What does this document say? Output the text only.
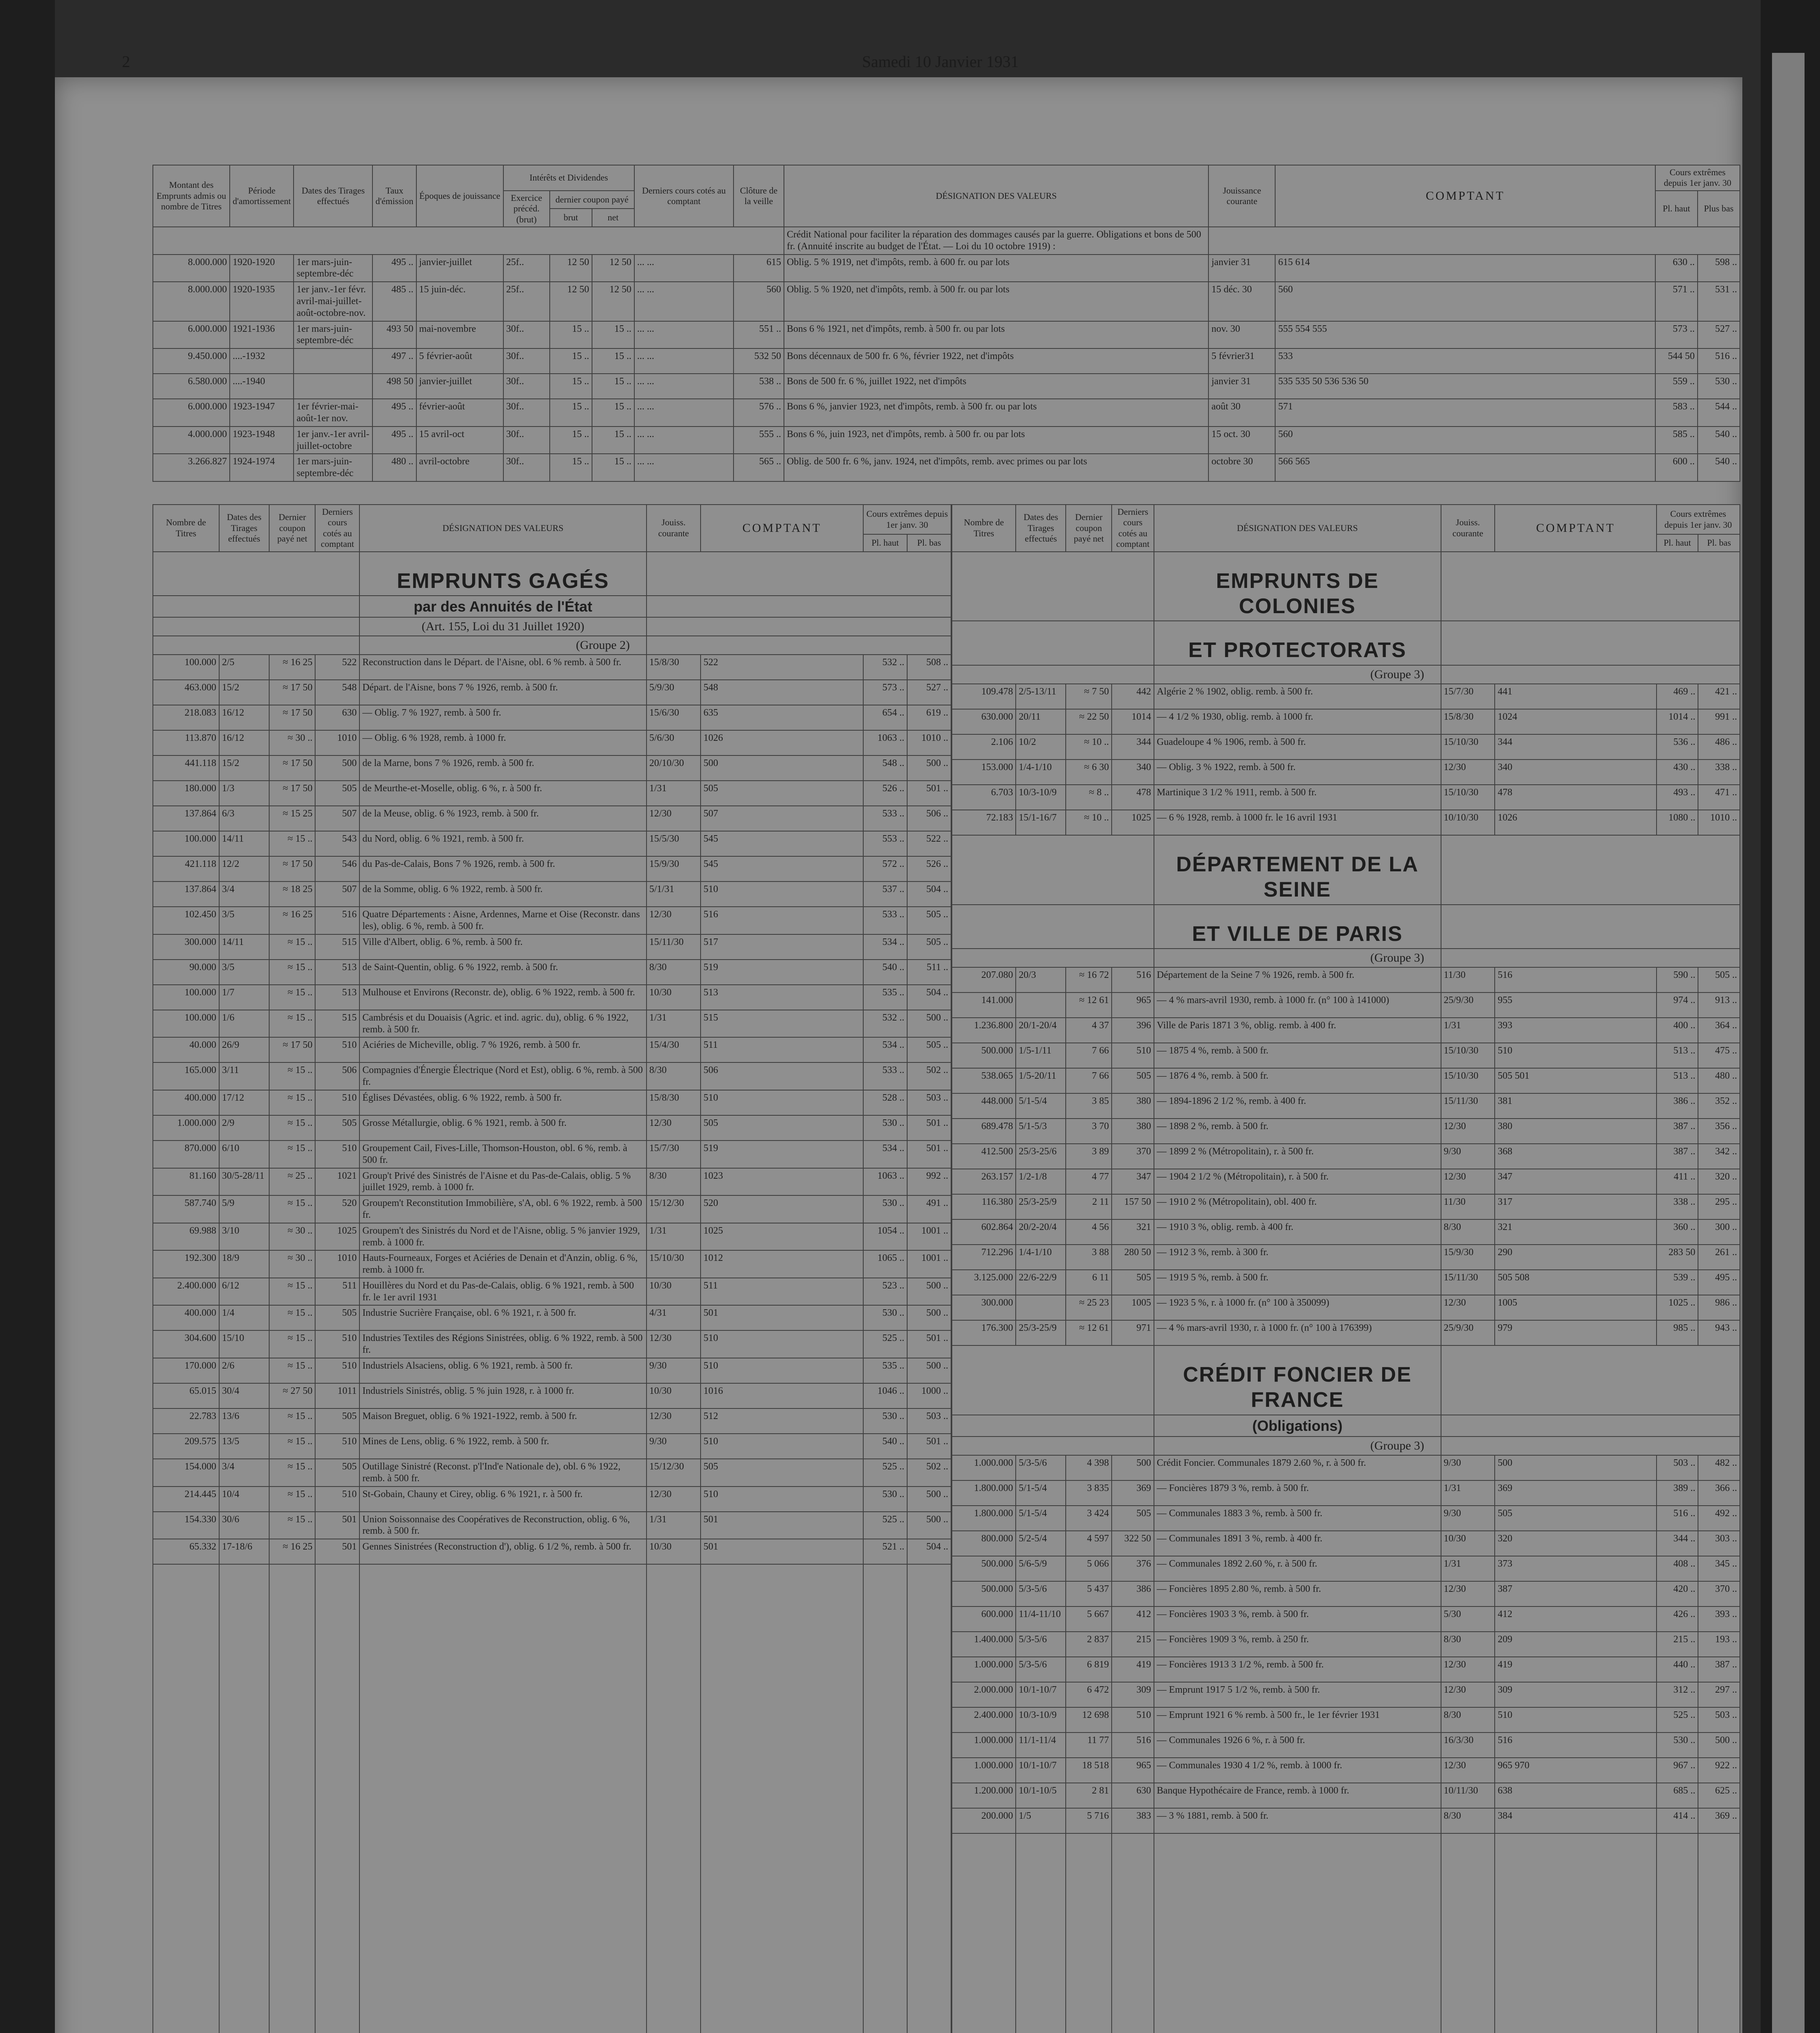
2	Samedi 10 Janvier 1931
Montant des Emprunts admis ou nombre de Titres	Période d'amortissement	Dates des Tirages effectués	Taux d'émission	Époques de jouissance	Intérêts et Dividendes			Derniers cours cotés au comptant	Clôture de la veille	DÉSIGNATION DES VALEURS	Jouissance courante	COMPTANT	Cours extrêmes depuis 1er janv. 30	
					Exercice précéd. (brut)	dernier coupon payé							Pl. haut	Plus bas
						brut	net							
										Crédit National pour faciliter la réparation des dommages causés par la guerre. Obligations et bons de 500 fr. (Annuité inscrite au budget de l'État. — Loi du 10 octobre 1919) :				
8.000.000	1920-1920	1er mars-juin-septembre-déc	495 ..	janvier-juillet	25f..	12 50	12 50	... ...	615	Oblig. 5 % 1919, net d'impôts, remb. à 600 fr. ou par lots	janvier 31	615 614	630 ..	598 ..
8.000.000	1920-1935	1er janv.-1er févr. avril-mai-juillet-août-octobre-nov.	485 ..	15 juin-déc.	25f..	12 50	12 50	... ...	560	Oblig. 5 % 1920, net d'impôts, remb. à 500 fr. ou par lots	15 déc. 30	560	571 ..	531 ..
6.000.000	1921-1936	1er mars-juin-septembre-déc	493 50	mai-novembre	30f..	15 ..	15 ..	... ...	551 ..	Bons 6 % 1921, net d'impôts, remb. à 500 fr. ou par lots	nov. 30	555 554 555	573 ..	527 ..
9.450.000	....-1932		497 ..	5 février-août	30f..	15 ..	15 ..	... ...	532 50	Bons décennaux de 500 fr. 6 %, février 1922, net d'impôts	5 février31	533	544 50	516 ..
6.580.000	....-1940		498 50	janvier-juillet	30f..	15 ..	15 ..	... ...	538 ..	Bons de 500 fr. 6 %, juillet 1922, net d'impôts	janvier 31	535 535 50 536 536 50	559 ..	530 ..
6.000.000	1923-1947	1er février-mai-août-1er nov.	495 ..	février-août	30f..	15 ..	15 ..	... ...	576 ..	Bons 6 %, janvier 1923, net d'impôts, remb. à 500 fr. ou par lots	août 30	571	583 ..	544 ..
4.000.000	1923-1948	1er janv.-1er avril-juillet-octobre	495 ..	15 avril-oct	30f..	15 ..	15 ..	... ...	555 ..	Bons 6 %, juin 1923, net d'impôts, remb. à 500 fr. ou par lots	15 oct. 30	560	585 ..	540 ..
3.266.827	1924-1974	1er mars-juin-septembre-déc	480 ..	avril-octobre	30f..	15 ..	15 ..	... ...	565 ..	Oblig. de 500 fr. 6 %, janv. 1924, net d'impôts, remb. avec primes ou par lots	octobre 30	566 565	600 ..	540 ..
Nombre de Titres	Dates des Tirages effectués	Dernier coupon payé net	Derniers cours cotés au comptant	DÉSIGNATION DES VALEURS	Jouiss. courante	COMPTANT	Cours extrêmes depuis 1er janv. 30	
							Pl. haut	Pl. bas
				EMPRUNTS GAGÉS				
				par des Annuités de l'État				
				(Art. 155, Loi du 31 Juillet 1920)				
				(Groupe 2)				
100.000	2/5	≈ 16 25	522	Reconstruction dans le Départ. de l'Aisne, obl. 6 % remb. à 500 fr.	15/8/30	522	532 ..	508 ..
463.000	15/2	≈ 17 50	548	Départ. de l'Aisne, bons 7 % 1926, remb. à 500 fr.	5/9/30	548	573 ..	527 ..
218.083	16/12	≈ 17 50	630	— Oblig. 7 % 1927, remb. à 500 fr.	15/6/30	635	654 ..	619 ..
113.870	16/12	≈ 30 ..	1010	— Oblig. 6 % 1928, remb. à 1000 fr.	5/6/30	1026	1063 ..	1010 ..
441.118	15/2	≈ 17 50	500	de la Marne, bons 7 % 1926, remb. à 500 fr.	20/10/30	500	548 ..	500 ..
180.000	1/3	≈ 17 50	505	de Meurthe-et-Moselle, oblig. 6 %, r. à 500 fr.	1/31	505	526 ..	501 ..
137.864	6/3	≈ 15 25	507	de la Meuse, oblig. 6 % 1923, remb. à 500 fr.	12/30	507	533 ..	506 ..
100.000	14/11	≈ 15 ..	543	du Nord, oblig. 6 % 1921, remb. à 500 fr.	15/5/30	545	553 ..	522 ..
421.118	12/2	≈ 17 50	546	du Pas-de-Calais, Bons 7 % 1926, remb. à 500 fr.	15/9/30	545	572 ..	526 ..
137.864	3/4	≈ 18 25	507	de la Somme, oblig. 6 % 1922, remb. à 500 fr.	5/1/31	510	537 ..	504 ..
102.450	3/5	≈ 16 25	516	Quatre Départements : Aisne, Ardennes, Marne et Oise (Reconstr. dans les), oblig. 6 %, remb. à 500 fr.	12/30	516	533 ..	505 ..
300.000	14/11	≈ 15 ..	515	Ville d'Albert, oblig. 6 %, remb. à 500 fr.	15/11/30	517	534 ..	505 ..
90.000	3/5	≈ 15 ..	513	de Saint-Quentin, oblig. 6 % 1922, remb. à 500 fr.	8/30	519	540 ..	511 ..
100.000	1/7	≈ 15 ..	513	Mulhouse et Environs (Reconstr. de), oblig. 6 % 1922, remb. à 500 fr.	10/30	513	535 ..	504 ..
100.000	1/6	≈ 15 ..	515	Cambrésis et du Douaisis (Agric. et ind. agric. du), oblig. 6 % 1922, remb. à 500 fr.	1/31	515	532 ..	500 ..
40.000	26/9	≈ 17 50	510	Aciéries de Micheville, oblig. 7 % 1926, remb. à 500 fr.	15/4/30	511	534 ..	505 ..
165.000	3/11	≈ 15 ..	506	Compagnies d'Énergie Électrique (Nord et Est), oblig. 6 %, remb. à 500 fr.	8/30	506	533 ..	502 ..
400.000	17/12	≈ 15 ..	510	Églises Dévastées, oblig. 6 % 1922, remb. à 500 fr.	15/8/30	510	528 ..	503 ..
1.000.000	2/9	≈ 15 ..	505	Grosse Métallurgie, oblig. 6 % 1921, remb. à 500 fr.	12/30	505	530 ..	501 ..
870.000	6/10	≈ 15 ..	510	Groupement Cail, Fives-Lille, Thomson-Houston, obl. 6 %, remb. à 500 fr.	15/7/30	519	534 ..	501 ..
81.160	30/5-28/11	≈ 25 ..	1021	Group't Privé des Sinistrés de l'Aisne et du Pas-de-Calais, oblig. 5 % juillet 1929, remb. à 1000 fr.	8/30	1023	1063 ..	992 ..
587.740	5/9	≈ 15 ..	520	Groupem't Reconstitution Immobilière, s'A, obl. 6 % 1922, remb. à 500 fr.	15/12/30	520	530 ..	491 ..
69.988	3/10	≈ 30 ..	1025	Groupem't des Sinistrés du Nord et de l'Aisne, oblig. 5 % janvier 1929, remb. à 1000 fr.	1/31	1025	1054 ..	1001 ..
192.300	18/9	≈ 30 ..	1010	Hauts-Fourneaux, Forges et Aciéries de Denain et d'Anzin, oblig. 6 %, remb. à 1000 fr.	15/10/30	1012	1065 ..	1001 ..
2.400.000	6/12	≈ 15 ..	511	Houillères du Nord et du Pas-de-Calais, oblig. 6 % 1921, remb. à 500 fr. le 1er avril 1931	10/30	511	523 ..	500 ..
400.000	1/4	≈ 15 ..	505	Industrie Sucrière Française, obl. 6 % 1921, r. à 500 fr.	4/31	501	530 ..	500 ..
304.600	15/10	≈ 15 ..	510	Industries Textiles des Régions Sinistrées, oblig. 6 % 1922, remb. à 500 fr.	12/30	510	525 ..	501 ..
170.000	2/6	≈ 15 ..	510	Industriels Alsaciens, oblig. 6 % 1921, remb. à 500 fr.	9/30	510	535 ..	500 ..
65.015	30/4	≈ 27 50	1011	Industriels Sinistrés, oblig. 5 % juin 1928, r. à 1000 fr.	10/30	1016	1046 ..	1000 ..
22.783	13/6	≈ 15 ..	505	Maison Breguet, oblig. 6 % 1921-1922, remb. à 500 fr.	12/30	512	530 ..	503 ..
209.575	13/5	≈ 15 ..	510	Mines de Lens, oblig. 6 % 1922, remb. à 500 fr.	9/30	510	540 ..	501 ..
154.000	3/4	≈ 15 ..	505	Outillage Sinistré (Reconst. p'l'Ind'e Nationale de), obl. 6 % 1922, remb. à 500 fr.	15/12/30	505	525 ..	502 ..
214.445	10/4	≈ 15 ..	510	St-Gobain, Chauny et Cirey, oblig. 6 % 1921, r. à 500 fr.	12/30	510	530 ..	500 ..
154.330	30/6	≈ 15 ..	501	Union Soissonnaise des Coopératives de Reconstruction, oblig. 6 %, remb. à 500 fr.	1/31	501	525 ..	500 ..
65.332	17-18/6	≈ 16 25	501	Gennes Sinistrées (Reconstruction d'), oblig. 6 1/2 %, remb. à 500 fr.	10/30	501	521 ..	504 ..

Nombre de Titres	Dates des Tirages effectués	Dernier coupon payé net	Derniers cours cotés au comptant	DÉSIGNATION DES VALEURS	Jouiss. courante	COMPTANT	Cours extrêmes depuis 1er janv. 30	
							Pl. haut	Pl. bas
				EMPRUNTS DE COLONIES				
				ET PROTECTORATS				
				(Groupe 3)				
109.478	2/5-13/11	≈ 7 50	442	Algérie 2 % 1902, oblig. remb. à 500 fr.	15/7/30	441	469 ..	421 ..
630.000	20/11	≈ 22 50	1014	— 4 1/2 % 1930, oblig. remb. à 1000 fr.	15/8/30	1024	1014 ..	991 ..
2.106	10/2	≈ 10 ..	344	Guadeloupe 4 % 1906, remb. à 500 fr.	15/10/30	344	536 ..	486 ..
153.000	1/4-1/10	≈ 6 30	340	— Oblig. 3 % 1922, remb. à 500 fr.	12/30	340	430 ..	338 ..
6.703	10/3-10/9	≈ 8 ..	478	Martinique 3 1/2 % 1911, remb. à 500 fr.	15/10/30	478	493 ..	471 ..
72.183	15/1-16/7	≈ 10 ..	1025	— 6 % 1928, remb. à 1000 fr. le 16 avril 1931	10/10/30	1026	1080 ..	1010 ..
				DÉPARTEMENT DE LA SEINE				
				ET VILLE DE PARIS				
				(Groupe 3)				
207.080	20/3	≈ 16 72	516	Département de la Seine 7 % 1926, remb. à 500 fr.	11/30	516	590 ..	505 ..
141.000		≈ 12 61	965	— 4 % mars-avril 1930, remb. à 1000 fr. (n° 100 à 141000)	25/9/30	955	974 ..	913 ..
1.236.800	20/1-20/4	4 37	396	Ville de Paris 1871 3 %, oblig. remb. à 400 fr.	1/31	393	400 ..	364 ..
500.000	1/5-1/11	7 66	510	— 1875 4 %, remb. à 500 fr.	15/10/30	510	513 ..	475 ..
538.065	1/5-20/11	7 66	505	— 1876 4 %, remb. à 500 fr.	15/10/30	505 501	513 ..	480 ..
448.000	5/1-5/4	3 85	380	— 1894-1896 2 1/2 %, remb. à 400 fr.	15/11/30	381	386 ..	352 ..
689.478	5/1-5/3	3 70	380	— 1898 2 %, remb. à 500 fr.	12/30	380	387 ..	356 ..
412.500	25/3-25/6	3 89	370	— 1899 2 % (Métropolitain), r. à 500 fr.	9/30	368	387 ..	342 ..
263.157	1/2-1/8	4 77	347	— 1904 2 1/2 % (Métropolitain), r. à 500 fr.	12/30	347	411 ..	320 ..
116.380	25/3-25/9	2 11	157 50	— 1910 2 % (Métropolitain), obl. 400 fr.	11/30	317	338 ..	295 ..
602.864	20/2-20/4	4 56	321	— 1910 3 %, oblig. remb. à 400 fr.	8/30	321	360 ..	300 ..
712.296	1/4-1/10	3 88	280 50	— 1912 3 %, remb. à 300 fr.	15/9/30	290	283 50	261 ..
3.125.000	22/6-22/9	6 11	505	— 1919 5 %, remb. à 500 fr.	15/11/30	505 508	539 ..	495 ..
300.000		≈ 25 23	1005	— 1923 5 %, r. à 1000 fr. (n° 100 à 350099)	12/30	1005	1025 ..	986 ..
176.300	25/3-25/9	≈ 12 61	971	— 4 % mars-avril 1930, r. à 1000 fr. (n° 100 à 176399)	25/9/30	979	985 ..	943 ..
				CRÉDIT FONCIER DE FRANCE				
				(Obligations)				
				(Groupe 3)				
1.000.000	5/3-5/6	4 398	500	Crédit Foncier. Communales 1879 2.60 %, r. à 500 fr.	9/30	500	503 ..	482 ..
1.800.000	5/1-5/4	3 835	369	— Foncières 1879 3 %, remb. à 500 fr.	1/31	369	389 ..	366 ..
1.800.000	5/1-5/4	3 424	505	— Communales 1883 3 %, remb. à 500 fr.	9/30	505	516 ..	492 ..
800.000	5/2-5/4	4 597	322 50	— Communales 1891 3 %, remb. à 400 fr.	10/30	320	344 ..	303 ..
500.000	5/6-5/9	5 066	376	— Communales 1892 2.60 %, r. à 500 fr.	1/31	373	408 ..	345 ..
500.000	5/3-5/6	5 437	386	— Foncières 1895 2.80 %, remb. à 500 fr.	12/30	387	420 ..	370 ..
600.000	11/4-11/10	5 667	412	— Foncières 1903 3 %, remb. à 500 fr.	5/30	412	426 ..	393 ..
1.400.000	5/3-5/6	2 837	215	— Foncières 1909 3 %, remb. à 250 fr.	8/30	209	215 ..	193 ..
1.000.000	5/3-5/6	6 819	419	— Foncières 1913 3 1/2 %, remb. à 500 fr.	12/30	419	440 ..	387 ..
2.000.000	10/1-10/7	6 472	309	— Emprunt 1917 5 1/2 %, remb. à 500 fr.	12/30	309	312 ..	297 ..
2.400.000	10/3-10/9	12 698	510	— Emprunt 1921 6 % remb. à 500 fr., le 1er février 1931	8/30	510	525 ..	503 ..
1.000.000	11/1-11/4	11 77	516	— Communales 1926 6 %, r. à 500 fr.	16/3/30	516	530 ..	500 ..
1.000.000	10/1-10/7	18 518	965	— Communales 1930 4 1/2 %, remb. à 1000 fr.	12/30	965 970	967 ..	922 ..
1.200.000	10/1-10/5	2 81	630	Banque Hypothécaire de France, remb. à 1000 fr.	10/11/30	638	685 ..	625 ..
200.000	1/5	5 716	383	— 3 % 1881, remb. à 500 fr.	8/30	384	414 ..	369 ..
